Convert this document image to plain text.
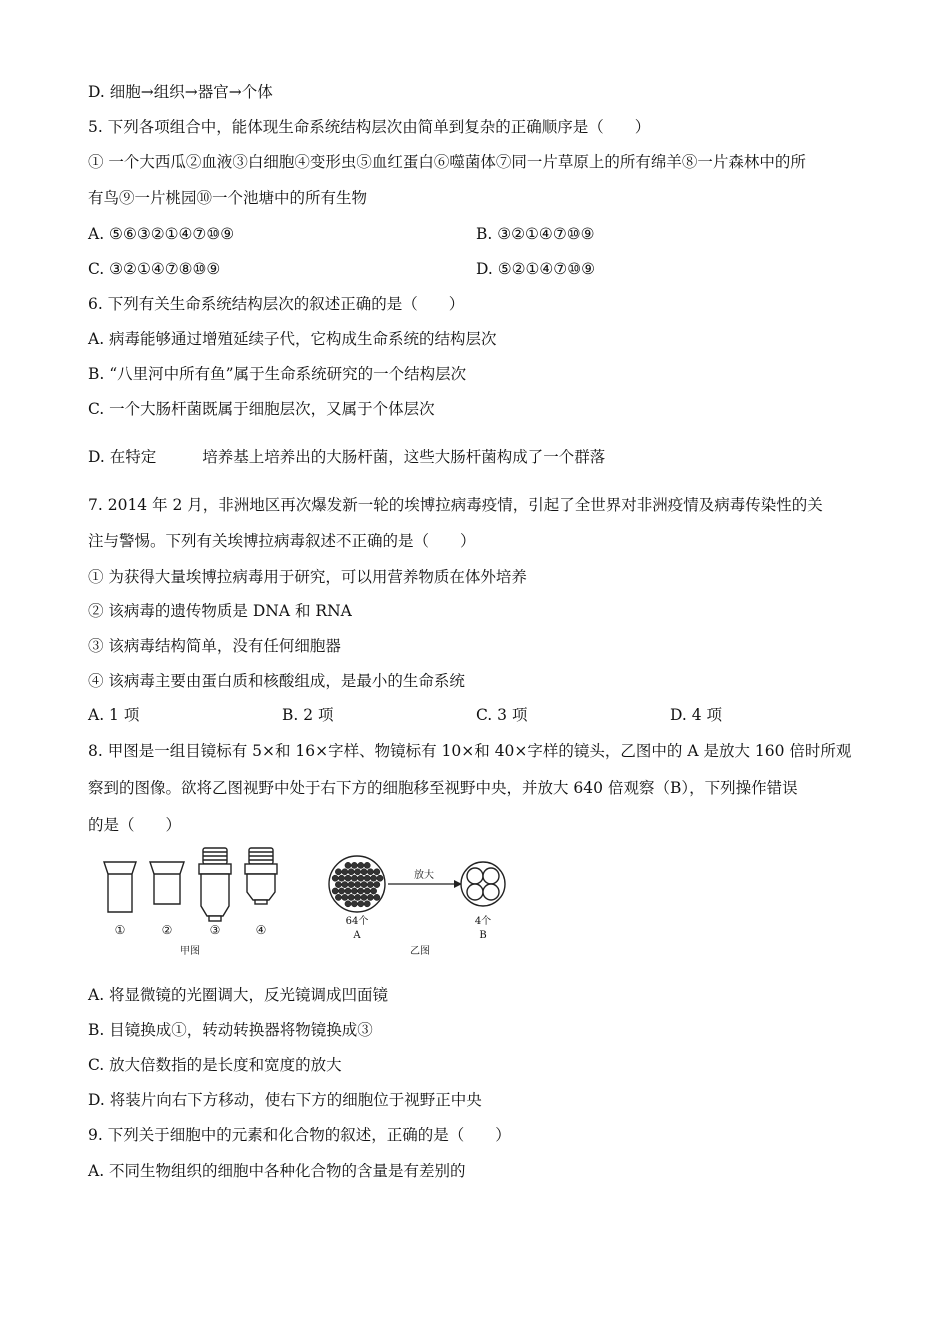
D. 细胞→组织→器官→个体
5. 下列各项组合中，能体现生命系统结构层次由简单到复杂的正确顺序是（　　）
① 一个大西瓜②血液③白细胞④变形虫⑤血红蛋白⑥噬菌体⑦同一片草原上的所有绵羊⑧一片森林中的所
有鸟⑨一片桃园⑩一个池塘中的所有生物
A. ⑤⑥③②①④⑦⑩⑨	B. ③②①④⑦⑩⑨
C. ③②①④⑦⑧⑩⑨	D. ⑤②①④⑦⑩⑨
6. 下列有关生命系统结构层次的叙述正确的是（　　）
A. 病毒能够通过增殖延续子代，它构成生命系统的结构层次
B. “八里河中所有鱼”属于生命系统研究的一个结构层次
C. 一个大肠杆菌既属于细胞层次，又属于个体层次
D. 在特定	培养基上培养出的大肠杆菌，这些大肠杆菌构成了一个群落
7. 2014 年 2 月，非洲地区再次爆发新一轮的埃博拉病毒疫情，引起了全世界对非洲疫情及病毒传染性的关
注与警惕。下列有关埃博拉病毒叙述不正确的是（　　）
① 为获得大量埃博拉病毒用于研究，可以用营养物质在体外培养
② 该病毒的遗传物质是 DNA 和 RNA
③ 该病毒结构简单，没有任何细胞器
④ 该病毒主要由蛋白质和核酸组成，是最小的生命系统
A. 1 项	B. 2 项	C. 3 项	D. 4 项
8. 甲图是一组目镜标有 5×和 16×字样、物镜标有 10×和 40×字样的镜头，乙图中的 A 是放大 160 倍时所观
察到的图像。欲将乙图视野中处于右下方的细胞移至视野中央，并放大 640 倍观察（B），下列操作错误
的是（　　）
①	②	③	④
甲图
放大
64个
A
4个
B
乙图
A. 将显微镜的光圈调大，反光镜调成凹面镜
B. 目镜换成①，转动转换器将物镜换成③
C. 放大倍数指的是长度和宽度的放大
D. 将装片向右下方移动，使右下方的细胞位于视野正中央
9. 下列关于细胞中的元素和化合物的叙述，正确的是（　　）
A. 不同生物组织的细胞中各种化合物的含量是有差别的
